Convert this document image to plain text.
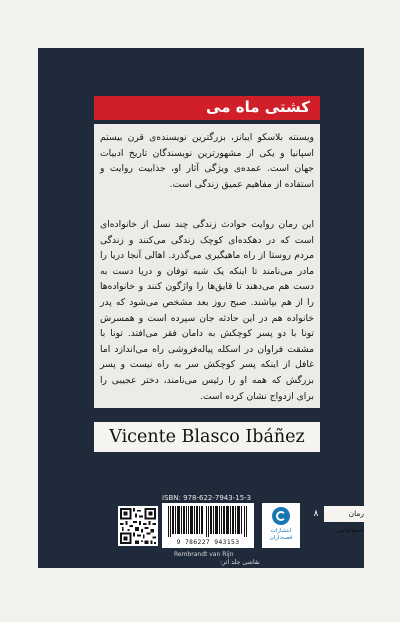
کشتی ماه می
ویسنته بلاسکو ایبانز، بزرگترین نویسنده‌ی قرن بیستم اسپانیا و یکی از مشهورترین نویسندگان تاریخ ادبیات جهان است. عمده‌ی ویژگی آثار او، جذابیت روایت و استفاده از مفاهیم عمیق زندگی است.
این رمان روایت حوادث زندگی چند نسل از خانواده‌ای است که در دهکده‌ای کوچک زندگی می‌کنند و زندگی مردم روستا از راه ماهیگیری می‌گذرد. اهالی آنجا دریا را مادر می‌نامند تا اینکه یک شبه توفان و دریا دست به دست هم می‌دهند تا قایق‌ها را واژگون کنند و خانواده‌ها را از هم بپاشند. صبح روز بعد مشخص می‌شود که پدر خانواده هم در این حادثه جان سپرده است و همسرش تونا با دو پسر کوچکش به دامان فقر می‌افتد. تونا با مشقت فراوان در اسکله پیاله‌فروشی راه می‌اندازد اما غافل از اینکه پسر کوچکش سر به راه نیست و پسر بزرگش که همه او را رئیس می‌نامند، دختر عجیبی را برای ازدواج نشان کرده است.
Vicente Blasco Ibáñez
ISBN: 978-622-7943-15-3
9 786227 943153
انتشارات قصه‌داران
۸	رمان اسپانیایی
Rembrandt van Rijn
نقاشی جلد اثر:
